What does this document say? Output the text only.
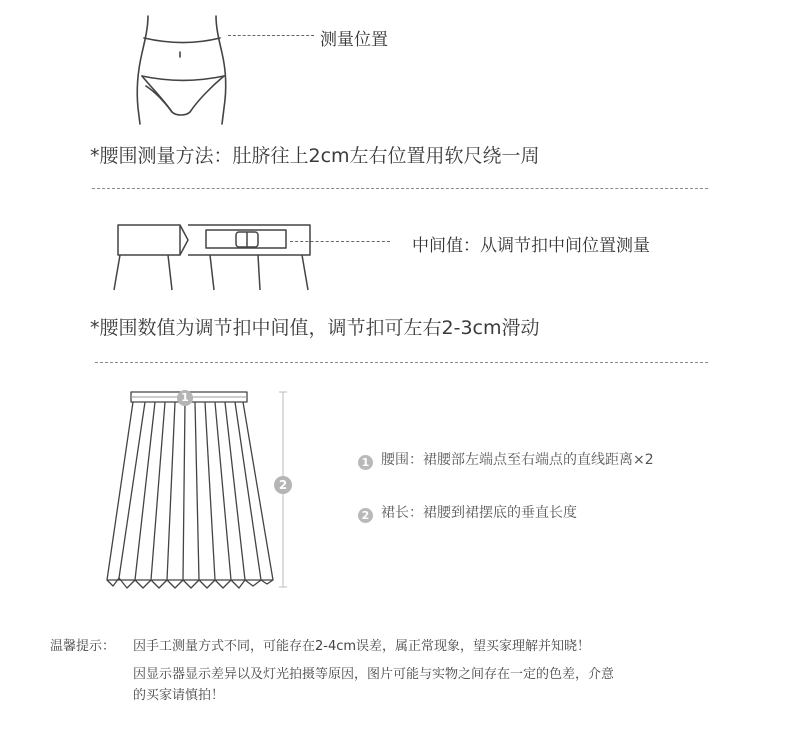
测量位置
*腰围测量方法：肚脐往上2cm左右位置用软尺绕一周
中间值：从调节扣中间位置测量
*腰围数值为调节扣中间值，调节扣可左右2-3cm滑动
1
2
1 腰围：裙腰部左端点至右端点的直线距离×2
2 裙长：裙腰到裙摆底的垂直长度
温馨提示： 因手工测量方式不同，可能存在2-4cm误差，属正常现象，望买家理解并知晓！
因显示器显示差异以及灯光拍摄等原因，图片可能与实物之间存在一定的色差，介意
的买家请慎拍！
